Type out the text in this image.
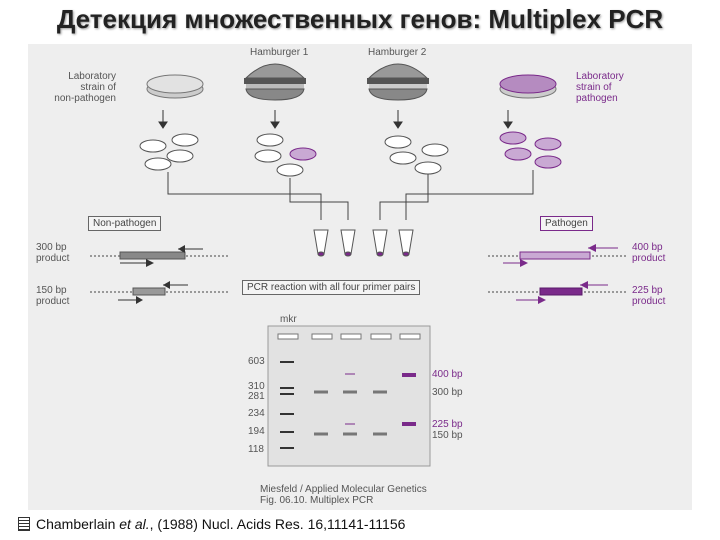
Детекция множественных генов: Multiplex PCR
Hamburger 1	Hamburger 2
Laboratory
strain of
non-pathogen
Laboratory
strain of
pathogen
Non-pathogen	Pathogen
PCR reaction with all four primer pairs
300 bp
product
150 bp
product
400 bp
product
225 bp
product
mkr
603
310
281
234
194
118
400 bp
300 bp
225 bp
150 bp
Miesfeld / Applied Molecular Genetics
Fig. 06.10. Multiplex PCR
Chamberlain et al., (1988) Nucl. Acids Res. 16,11141-11156
